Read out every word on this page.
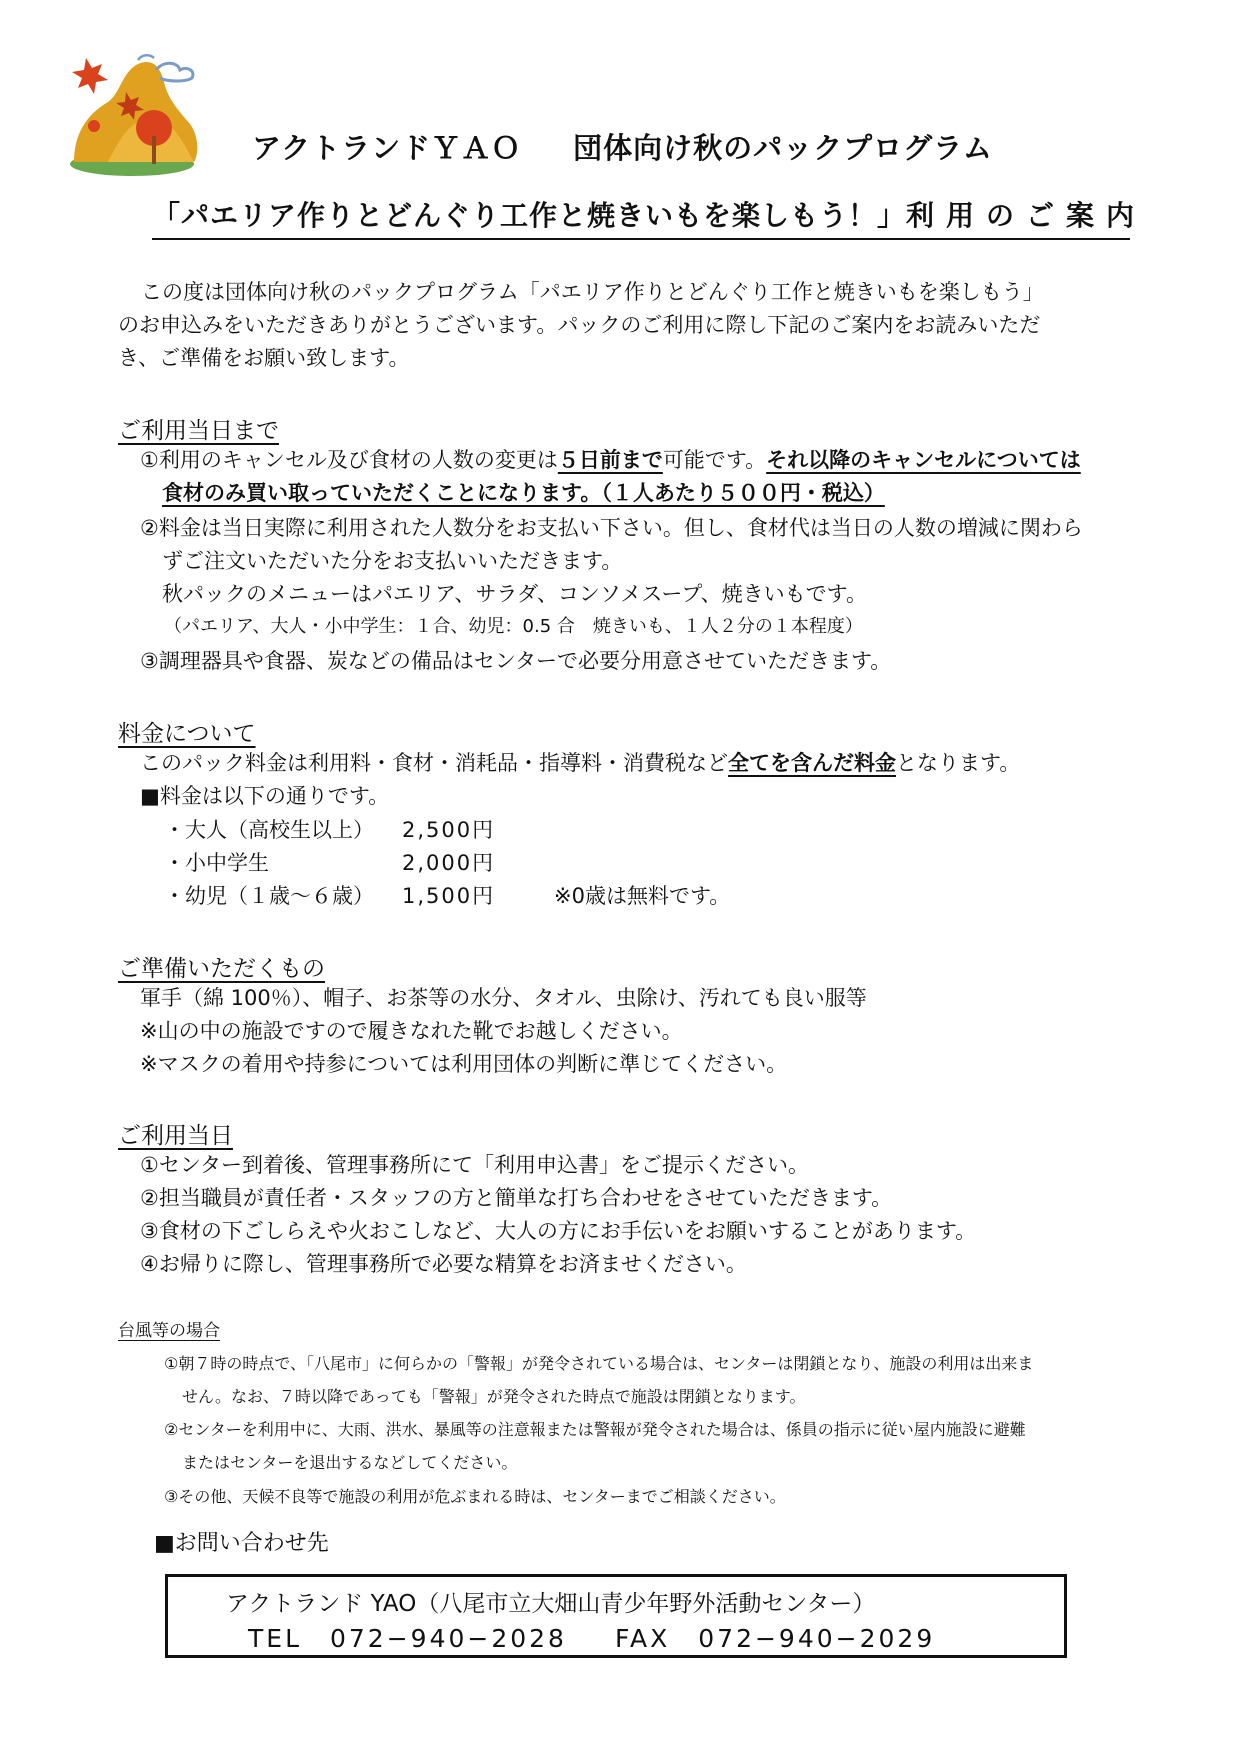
アクトランドＹＡＯ 団体向け秋のパックプログラム
「パエリア作りとどんぐり工作と焼きいもを楽しもう！」利用のご案内
この度は団体向け秋のパックプログラム「パエリア作りとどんぐり工作と焼きいもを楽しもう」
のお申込みをいただきありがとうございます。パックのご利用に際し下記のご案内をお読みいただ
き、ご準備をお願い致します。
ご利用当日まで
①利用のキャンセル及び食材の人数の変更は５日前まで可能です。それ以降のキャンセルについては
食材のみ買い取っていただくことになります。（１人あたり５００円・税込）
②料金は当日実際に利用された人数分をお支払い下さい。但し、食材代は当日の人数の増減に関わら
ずご注文いただいた分をお支払いいただきます。
秋パックのメニューはパエリア、サラダ、コンソメスープ、焼きいもです。
（パエリア、大人・小中学生：１合、幼児：0.5 合　焼きいも、１人２分の１本程度）
③調理器具や食器、炭などの備品はセンターで必要分用意させていただきます。
料金について
このパック料金は利用料・食材・消耗品・指導料・消費税など全てを含んだ料金となります。
■料金は以下の通りです。
・大人（高校生以上） 2,500円
・小中学生	2,000円
・幼児（１歳～６歳） 1,500円	※0歳は無料です。
ご準備いただくもの
軍手（綿 100％）、帽子、お茶等の水分、タオル、虫除け、汚れても良い服等
※山の中の施設ですので履きなれた靴でお越しください。
※マスクの着用や持参については利用団体の判断に準じてください。
ご利用当日
①センター到着後、管理事務所にて「利用申込書」をご提示ください。
②担当職員が責任者・スタッフの方と簡単な打ち合わせをさせていただきます。
③食材の下ごしらえや火おこしなど、大人の方にお手伝いをお願いすることがあります。
④お帰りに際し、管理事務所で必要な精算をお済ませください。
台風等の場合
①朝７時の時点で、「八尾市」に何らかの「警報」が発令されている場合は、センターは閉鎖となり、施設の利用は出来ま
せん。なお、７時以降であっても「警報」が発令された時点で施設は閉鎖となります。
②センターを利用中に、大雨、洪水、暴風等の注意報または警報が発令された場合は、係員の指示に従い屋内施設に避難
またはセンターを退出するなどしてください。
③その他、天候不良等で施設の利用が危ぶまれる時は、センターまでご相談ください。
■お問い合わせ先
アクトランド YAO（八尾市立大畑山青少年野外活動センター）
TEL　072−940−2028 FAX　072−940−2029
